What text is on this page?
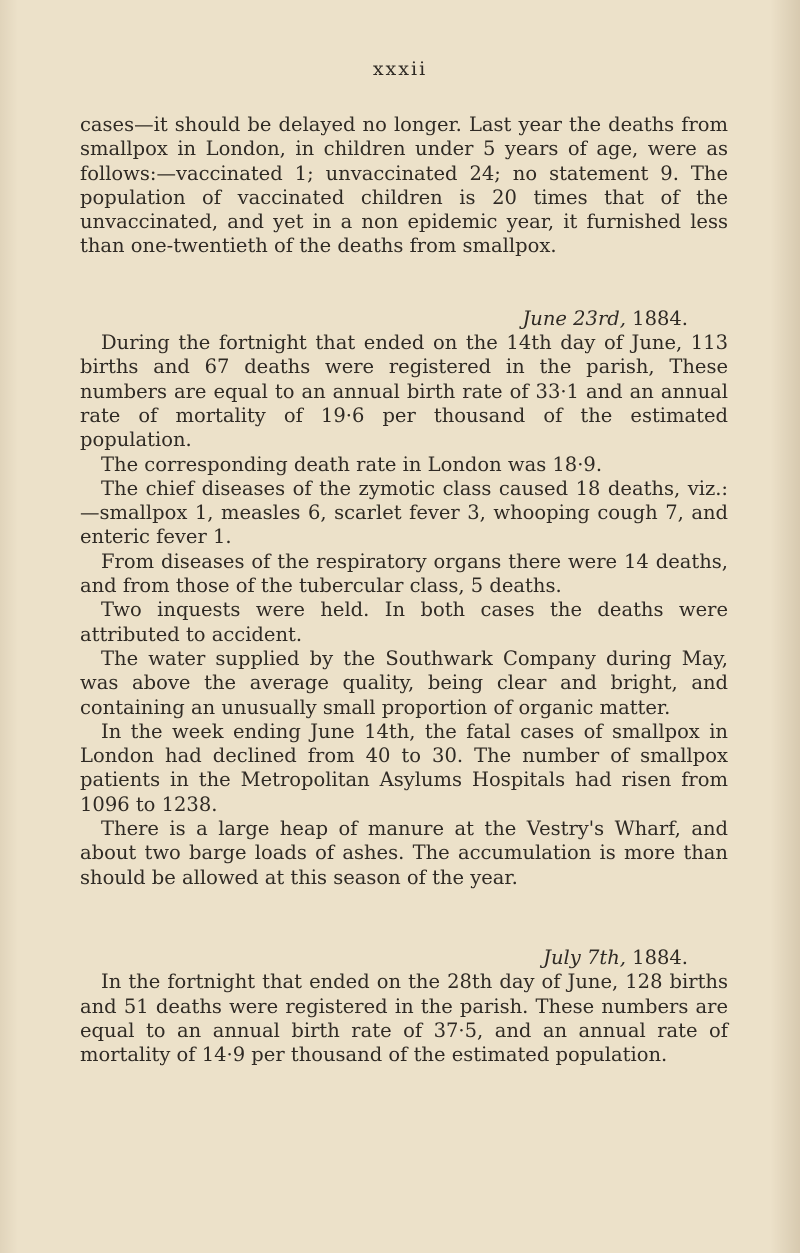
xxxii

cases—it should be delayed no longer. Last year the deaths from smallpox in London, in children under 5 years of age, were as follows:—vaccinated 1; unvaccinated 24; no statement 9. The population of vaccinated children is 20 times that of the unvaccinated, and yet in a non epidemic year, it furnished less than one-twentieth of the deaths from smallpox.

June 23rd, 1884.

During the fortnight that ended on the 14th day of June, 113 births and 67 deaths were registered in the parish, These numbers are equal to an annual birth rate of 33·1 and an annual rate of mortality of 19·6 per thousand of the estimated population.

The corresponding death rate in London was 18·9.

The chief diseases of the zymotic class caused 18 deaths, viz.:—smallpox 1, measles 6, scarlet fever 3, whooping cough 7, and enteric fever 1.

From diseases of the respiratory organs there were 14 deaths, and from those of the tubercular class, 5 deaths.

Two inquests were held. In both cases the deaths were attributed to accident.

The water supplied by the Southwark Company during May, was above the average quality, being clear and bright, and containing an unusually small proportion of organic matter.

In the week ending June 14th, the fatal cases of smallpox in London had declined from 40 to 30. The number of smallpox patients in the Metropolitan Asylums Hospitals had risen from 1096 to 1238.

There is a large heap of manure at the Vestry's Wharf, and about two barge loads of ashes. The accumulation is more than should be allowed at this season of the year.

July 7th, 1884.

In the fortnight that ended on the 28th day of June, 128 births and 51 deaths were registered in the parish. These numbers are equal to an annual birth rate of 37·5, and an annual rate of mortality of 14·9 per thousand of the estimated population.
